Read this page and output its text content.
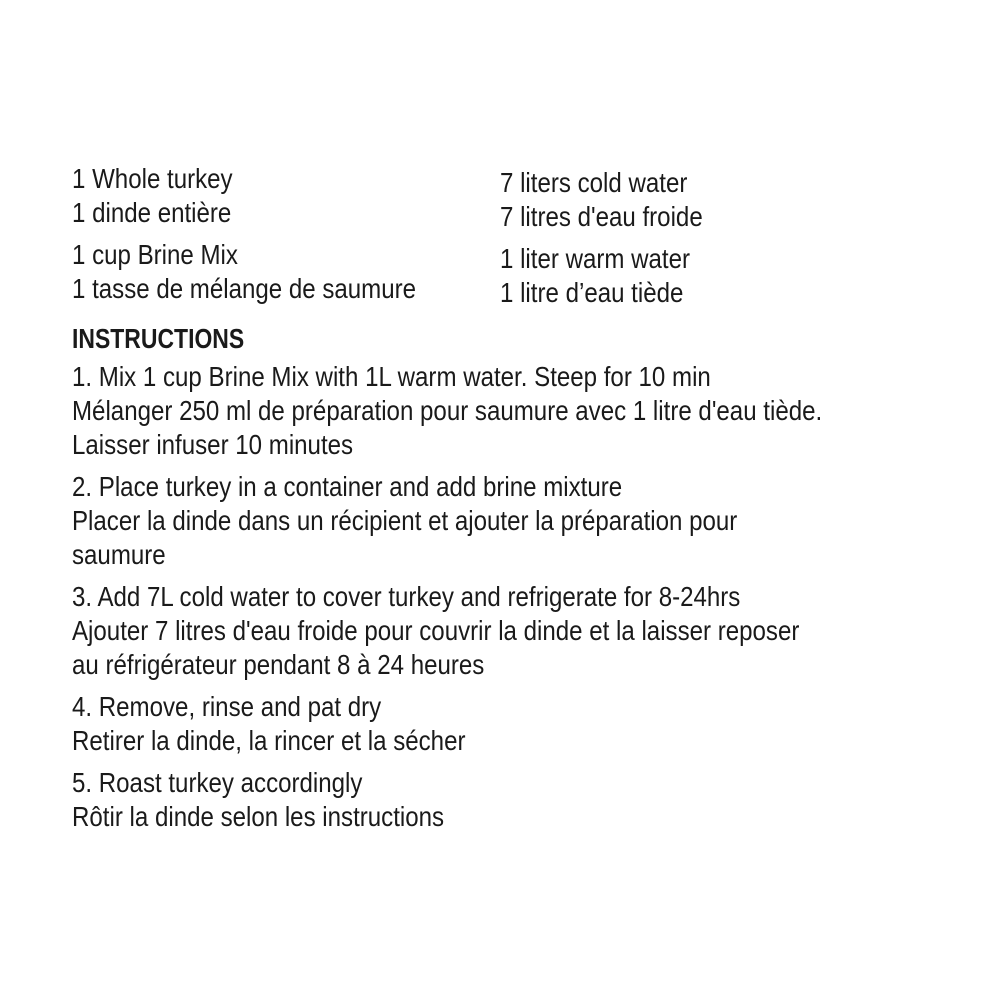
1 Whole turkey
1 dinde entière
1 cup Brine Mix
1 tasse de mélange de saumure
7 liters cold water
7 litres d'eau froide
1 liter warm water
1 litre d’eau tiède
INSTRUCTIONS
1. Mix 1 cup Brine Mix with 1L warm water. Steep for 10 min
Mélanger 250 ml de préparation pour saumure avec 1 litre d'eau tiède.
Laisser infuser 10 minutes
2. Place turkey in a container and add brine mixture
Placer la dinde dans un récipient et ajouter la préparation pour
saumure
3. Add 7L cold water to cover turkey and refrigerate for 8-24hrs
Ajouter 7 litres d'eau froide pour couvrir la dinde et la laisser reposer
au réfrigérateur pendant 8 à 24 heures
4. Remove, rinse and pat dry
Retirer la dinde, la rincer et la sécher
5. Roast turkey accordingly
Rôtir la dinde selon les instructions
